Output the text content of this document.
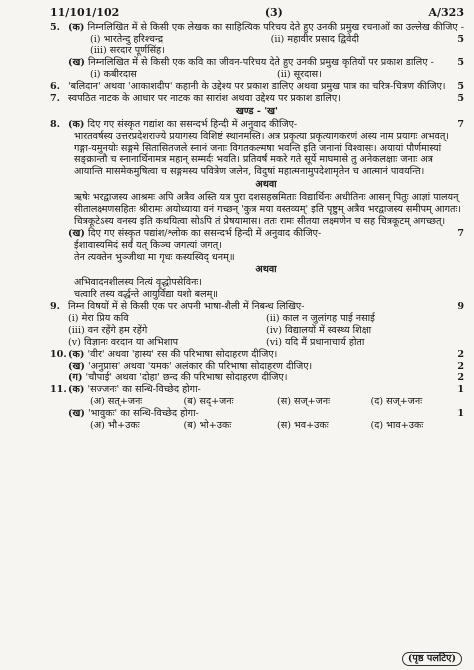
11/101/102	(3)	A/323
5. (क) निम्नलिखित में से किसी एक लेखक का साहित्यिक परिचय देते हुए उनकी प्रमुख रचनाओं का उल्लेख कीजिए -
5
(i) भारतेन्दु हरिश्चन्द्र	(ii) महावीर प्रसाद द्विवेदी
(iii) सरदार पूर्णसिंह।
(ख) निम्नलिखित में से किसी एक कवि का जीवन-परिचय देते हुए उनकी प्रमुख कृतियों पर प्रकाश डालिए - 5
(i) कबीरदास	(ii) सूरदास।
6. 'बलिदान' अथवा 'आकाशदीप' कहानी के उद्देश्य पर प्रकाश डालिए अथवा प्रमुख पात्र का चरित्र-चित्रण कीजिए। 5
7. स्वपठित नाटक के आधार पर नाटक का सारांश अथवा उद्देश्य पर प्रकाश डालिए।	5
खण्ड - 'ख'
8. (क) दिए गए संस्कृत गद्यांश का ससन्दर्भ हिन्दी में अनुवाद कीजिए-	7
भारतवर्षस्य उत्तरप्रदेशराज्ये प्रयागस्य विशिष्टं स्थानमस्ति। अत्र प्रकृत्या प्रकृत्यागकरणं अस्य नाम प्रयागः अभवत्। गङ्गा-यमुनयोः सङ्गमे सितासितजले स्नानं जनाः विगतकल्मषा भवन्ति इति जनानां विश्वासः। अयायां पौर्णमास्यां सङ्क्रान्तौ च स्नानार्थिनामत्र महान् सम्मर्दः भवति। प्रतिवर्षं मकरे गते सूर्ये माघमासे तु अनेकलक्षाः जनाः अत्र आयान्ति मासमेकमुषित्वा च सङ्गमस्य पवित्रेण जलेन, विदुषां महात्मनामुपदेशामृतेन च आत्मानं पावयन्ति।
अथवा
ऋषेः भरद्वाजस्य आश्रमः अपि अत्रैव अस्ति यत्र पुरा दशसहस्रमिताः विद्यार्थिनः अधीतिनः आसन् पितुः आज्ञां पालयन् सीतालक्ष्मणसहितः श्रीरामः अयोध्याया वनं गच्छन् 'कुत्र मया वस्तव्यम्' इति पृष्टुम् अत्रैव भरद्वाजस्य समीपम् आगतः। चित्रकूटेऽस्य वनस्य इति कथयित्वा सोऽपि तं प्रेषयामास। ततः रामः सीतया लक्ष्मणेन च सह चित्रकूटम् अगच्छत्।
(ख) दिए गए संस्कृत पद्यांश/श्लोक का ससन्दर्भ हिन्दी में अनुवाद कीजिए-	7
ईशावास्यमिदं सर्वं यत् किञ्च जगत्यां जगत्।
तेन त्यक्तेन भुञ्जीथा मा गृधः कस्यस्विद् धनम्॥
अथवा
अभिवादनशीलस्य नित्यं वृद्धोपसेविनः।
चत्वारि तस्य वर्द्धन्ते आयुर्विद्या यशो बलम्॥
9. निम्न विषयों में से किसी एक पर अपनी भाषा-शैली में निबन्ध लिखिए-	9
(i) मेरा प्रिय कवि	(ii) काल न जुलांगह पाई नसाई
(iii) वन रहेंगे हम रहेंगे	(iv) विद्यालयों में स्वस्थ्य शिक्षा
(v) विज्ञानः वरदान या अभिशाप	(vi) यदि मैं प्रधानाचार्य होता
10. (क) 'वीर' अथवा 'हास्य' रस की परिभाषा सोदाहरण दीजिए।	2
(ख) 'अनुप्रास' अथवा 'यमक' अलंकार की परिभाषा सोदाहरण दीजिए।	2
(ग) 'चौपाई' अथवा 'दोहा' छन्द की परिभाषा सोदाहरण दीजिए।	2
11. (क) 'सज्जनः' का सन्धि-विच्छेद होगा-	1
(अ) सत्+जनः	(ब) सद्+जनः	(स) सज्+जनः	(द) सज्+जनः
(ख) 'भावुकः' का सन्धि-विच्छेद होगा-	1
(अ) भौ+उकः	(ब) भो+उकः	(स) भव+उकः	(द) भाव+उकः
(पृष्ठ पलटिए)
